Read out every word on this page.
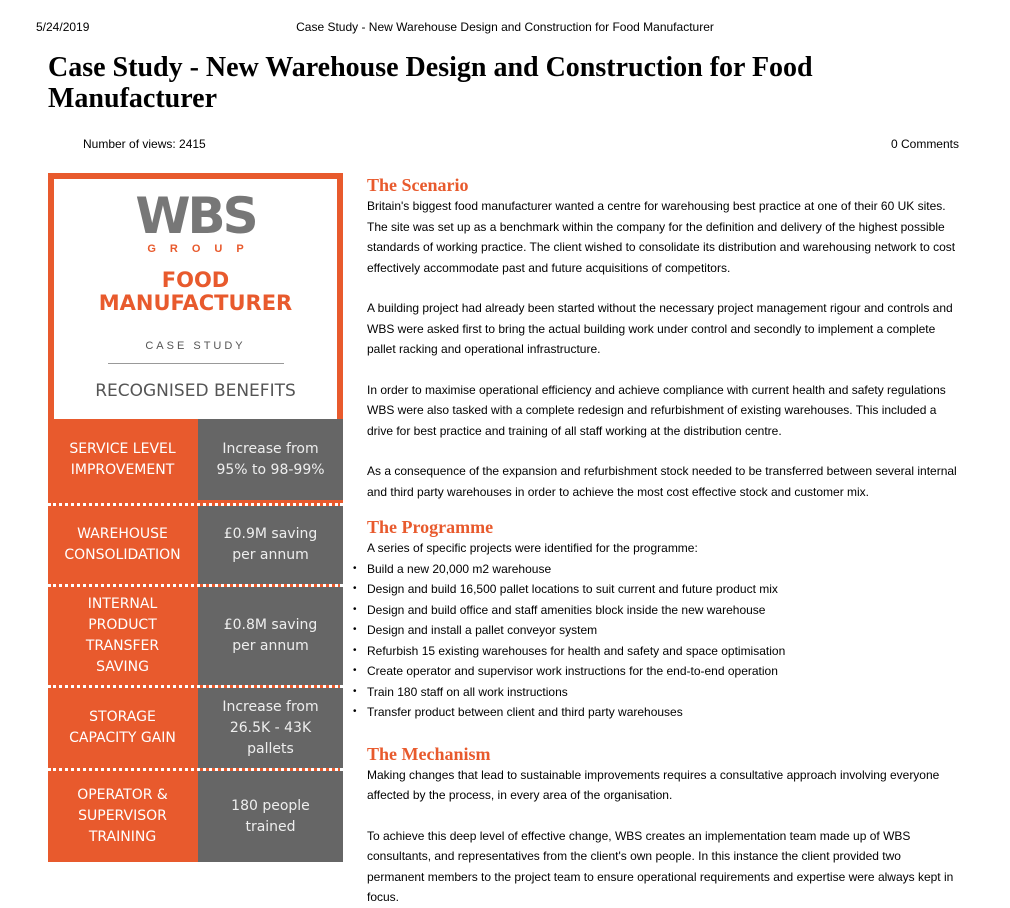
5/24/2019	Case Study - New Warehouse Design and Construction for Food Manufacturer
Case Study - New Warehouse Design and Construction for Food Manufacturer
Number of views: 2415	0 Comments
WBS
GROUP
FOOD
MANUFACTURER
CASE STUDY
RECOGNISED BENEFITS
SERVICE LEVEL IMPROVEMENT
Increase from 95% to 98-99%
WAREHOUSE CONSOLIDATION
£0.9M saving per annum
INTERNAL PRODUCT TRANSFER SAVING
£0.8M saving per annum
STORAGE CAPACITY GAIN
Increase from 26.5K - 43K pallets
OPERATOR & SUPERVISOR TRAINING
180 people trained
The Scenario

Britain's biggest food manufacturer wanted a centre for warehousing best practice at one of their 60 UK sites. The site was set up as a benchmark within the company for the definition and delivery of the highest possible standards of working practice. The client wished to consolidate its distribution and warehousing network to cost effectively accommodate past and future acquisitions of competitors.

A building project had already been started without the necessary project management rigour and controls and WBS were asked first to bring the actual building work under control and secondly to implement a complete pallet racking and operational infrastructure.

In order to maximise operational efficiency and achieve compliance with current health and safety regulations WBS were also tasked with a complete redesign and refurbishment of existing warehouses. This included a drive for best practice and training of all staff working at the distribution centre.

As a consequence of the expansion and refurbishment stock needed to be transferred between several internal and third party warehouses in order to achieve the most cost effective stock and customer mix.

The Programme

A series of specific projects were identified for the programme:

• Build a new 20,000 m2 warehouse
• Design and build 16,500 pallet locations to suit current and future product mix
• Design and build office and staff amenities block inside the new warehouse
• Design and install a pallet conveyor system
• Refurbish 15 existing warehouses for health and safety and space optimisation
• Create operator and supervisor work instructions for the end-to-end operation
• Train 180 staff on all work instructions
• Transfer product between client and third party warehouses
The Mechanism

Making changes that lead to sustainable improvements requires a consultative approach involving everyone affected by the process, in every area of the organisation.

To achieve this deep level of effective change, WBS creates an implementation team made up of WBS consultants, and representatives from the client's own people. In this instance the client provided two permanent members to the project team to ensure operational requirements and expertise were always kept in focus.
